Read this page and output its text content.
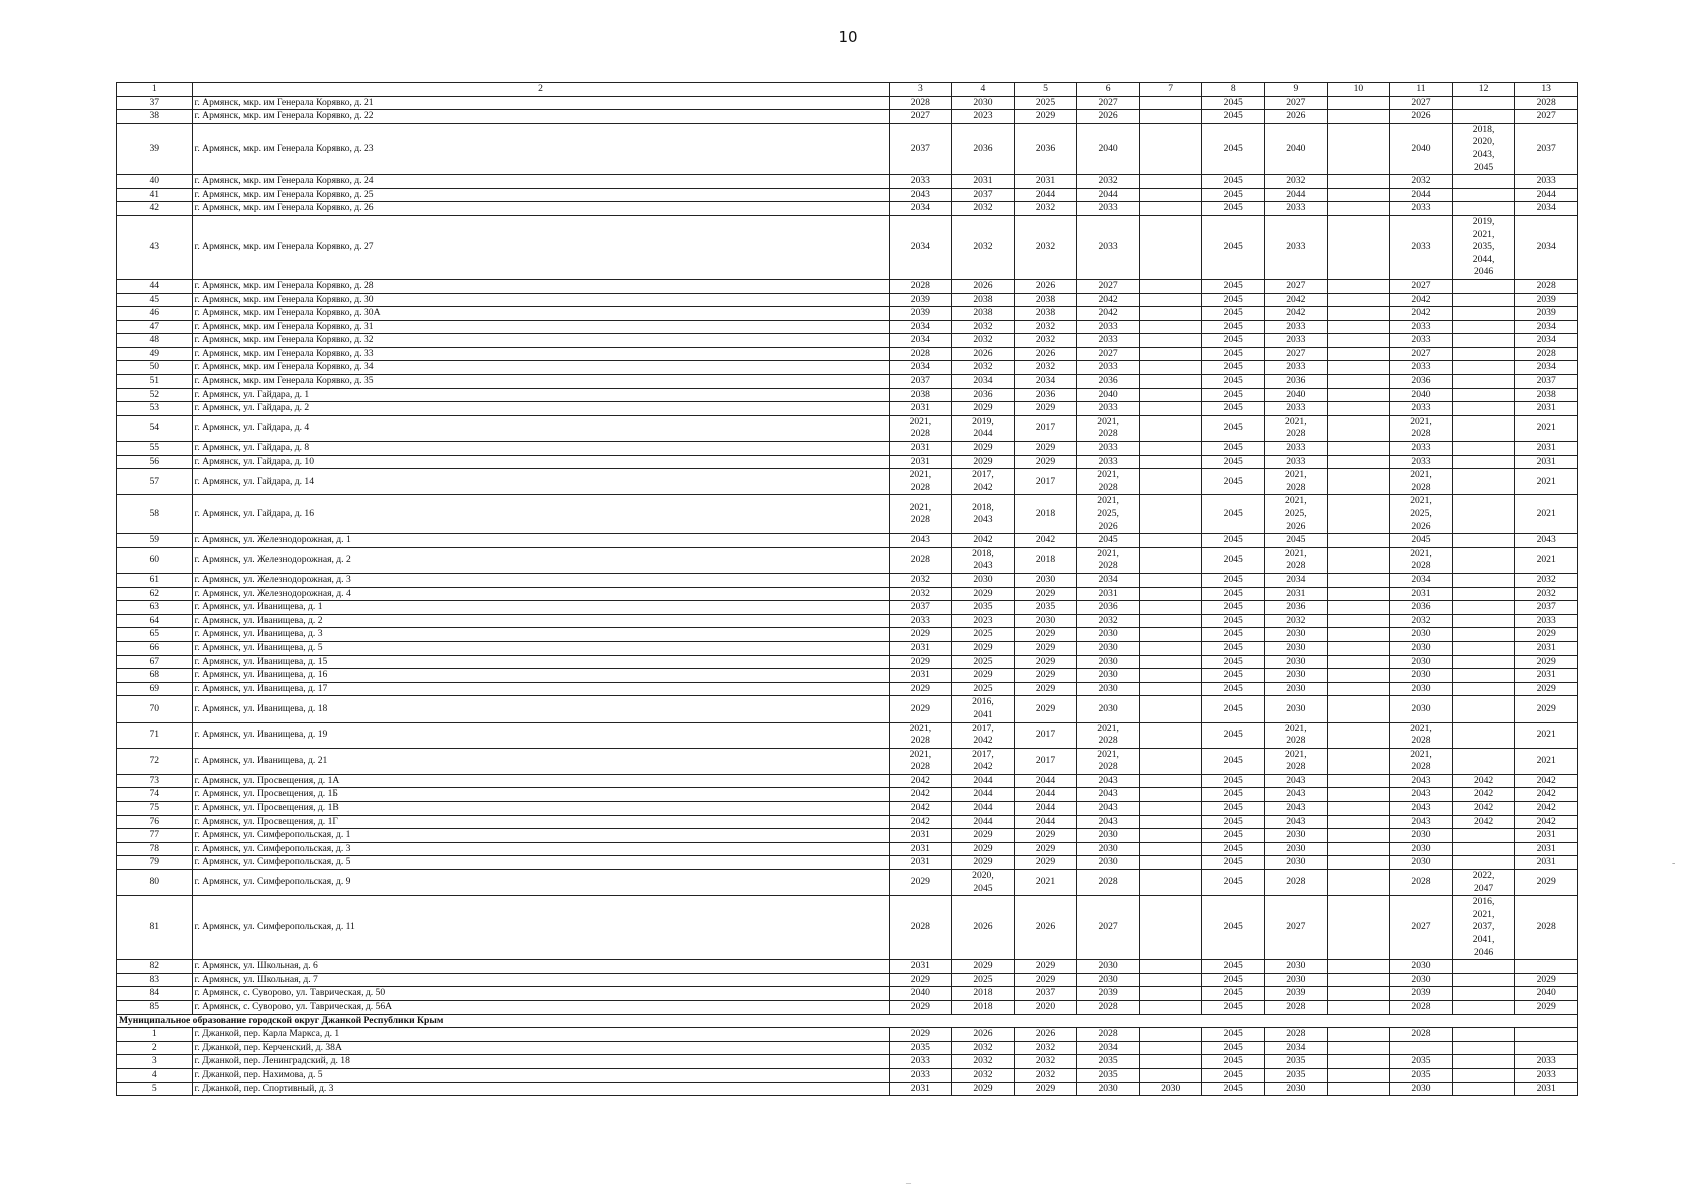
10
1	2	3	4	5	6	7	8	9	10	11	12	13
37	г. Армянск, мкр. им Генерала Корявко, д. 21	2028	2030	2025	2027		2045	2027		2027		2028

38	г. Армянск, мкр. им Генерала Корявко, д. 22	2027	2023	2029	2026		2045	2026		2026		2027

39	г. Армянск, мкр. им Генерала Корявко, д. 23	2037	2036	2036	2040		2045	2040		2040	2018,
2020,
2043,
2045	2037

40	г. Армянск, мкр. им Генерала Корявко, д. 24	2033	2031	2031	2032		2045	2032		2032		2033

41	г. Армянск, мкр. им Генерала Корявко, д. 25	2043	2037	2044	2044		2045	2044		2044		2044

42	г. Армянск, мкр. им Генерала Корявко, д. 26	2034	2032	2032	2033		2045	2033		2033		2034

43	г. Армянск, мкр. им Генерала Корявко, д. 27	2034	2032	2032	2033		2045	2033		2033	2019,
2021,
2035,
2044,
2046	2034

44	г. Армянск, мкр. им Генерала Корявко, д. 28	2028	2026	2026	2027		2045	2027		2027		2028

45	г. Армянск, мкр. им Генерала Корявко, д. 30	2039	2038	2038	2042		2045	2042		2042		2039

46	г. Армянск, мкр. им Генерала Корявко, д. 30А	2039	2038	2038	2042		2045	2042		2042		2039

47	г. Армянск, мкр. им Генерала Корявко, д. 31	2034	2032	2032	2033		2045	2033		2033		2034

48	г. Армянск, мкр. им Генерала Корявко, д. 32	2034	2032	2032	2033		2045	2033		2033		2034

49	г. Армянск, мкр. им Генерала Корявко, д. 33	2028	2026	2026	2027		2045	2027		2027		2028

50	г. Армянск, мкр. им Генерала Корявко, д. 34	2034	2032	2032	2033		2045	2033		2033		2034

51	г. Армянск, мкр. им Генерала Корявко, д. 35	2037	2034	2034	2036		2045	2036		2036		2037

52	г. Армянск, ул. Гайдара, д. 1	2038	2036	2036	2040		2045	2040		2040		2038

53	г. Армянск, ул. Гайдара, д. 2	2031	2029	2029	2033		2045	2033		2033		2031

54	г. Армянск, ул. Гайдара, д. 4	2021,
2028	2019,
2044	2017	2021,
2028		2045	2021,
2028		2021,
2028		2021

55	г. Армянск, ул. Гайдара, д. 8	2031	2029	2029	2033		2045	2033		2033		2031

56	г. Армянск, ул. Гайдара, д. 10	2031	2029	2029	2033		2045	2033		2033		2031

57	г. Армянск, ул. Гайдара, д. 14	2021,
2028	2017,
2042	2017	2021,
2028		2045	2021,
2028		2021,
2028		2021

58	г. Армянск, ул. Гайдара, д. 16	2021,
2028	2018,
2043	2018	2021,
2025,
2026		2045	2021,
2025,
2026		2021,
2025,
2026		2021

59	г. Армянск, ул. Железнодорожная, д. 1	2043	2042	2042	2045		2045	2045		2045		2043

60	г. Армянск, ул. Железнодорожная, д. 2	2028	2018,
2043	2018	2021,
2028		2045	2021,
2028		2021,
2028		2021

61	г. Армянск, ул. Железнодорожная, д. 3	2032	2030	2030	2034		2045	2034		2034		2032

62	г. Армянск, ул. Железнодорожная, д. 4	2032	2029	2029	2031		2045	2031		2031		2032

63	г. Армянск, ул. Иванищева, д. 1	2037	2035	2035	2036		2045	2036		2036		2037

64	г. Армянск, ул. Иванищева, д. 2	2033	2023	2030	2032		2045	2032		2032		2033

65	г. Армянск, ул. Иванищева, д. 3	2029	2025	2029	2030		2045	2030		2030		2029

66	г. Армянск, ул. Иванищева, д. 5	2031	2029	2029	2030		2045	2030		2030		2031

67	г. Армянск, ул. Иванищева, д. 15	2029	2025	2029	2030		2045	2030		2030		2029

68	г. Армянск, ул. Иванищева, д. 16	2031	2029	2029	2030		2045	2030		2030		2031

69	г. Армянск, ул. Иванищева, д. 17	2029	2025	2029	2030		2045	2030		2030		2029

70	г. Армянск, ул. Иванищева, д. 18	2029	2016,
2041	2029	2030		2045	2030		2030		2029

71	г. Армянск, ул. Иванищева, д. 19	2021,
2028	2017,
2042	2017	2021,
2028		2045	2021,
2028		2021,
2028		2021

72	г. Армянск, ул. Иванищева, д. 21	2021,
2028	2017,
2042	2017	2021,
2028		2045	2021,
2028		2021,
2028		2021

73	г. Армянск, ул. Просвещения, д. 1А	2042	2044	2044	2043		2045	2043		2043	2042	2042

74	г. Армянск, ул. Просвещения, д. 1Б	2042	2044	2044	2043		2045	2043		2043	2042	2042

75	г. Армянск, ул. Просвещения, д. 1В	2042	2044	2044	2043		2045	2043		2043	2042	2042

76	г. Армянск, ул. Просвещения, д. 1Г	2042	2044	2044	2043		2045	2043		2043	2042	2042

77	г. Армянск, ул. Симферопольская, д. 1	2031	2029	2029	2030		2045	2030		2030		2031

78	г. Армянск, ул. Симферопольская, д. 3	2031	2029	2029	2030		2045	2030		2030		2031

79	г. Армянск, ул. Симферопольская, д. 5	2031	2029	2029	2030		2045	2030		2030		2031

80	г. Армянск, ул. Симферопольская, д. 9	2029	2020,
2045	2021	2028		2045	2028		2028	2022,
2047	2029

81	г. Армянск, ул. Симферопольская, д. 11	2028	2026	2026	2027		2045	2027		2027	2016,
2021,
2037,
2041,
2046	2028

82	г. Армянск, ул. Школьная, д. 6	2031	2029	2029	2030		2045	2030		2030		

83	г. Армянск, ул. Школьная, д. 7	2029	2025	2029	2030		2045	2030		2030		2029

84	г. Армянск, с. Суворово, ул. Таврическая, д. 50	2040	2018	2037	2039		2045	2039		2039		2040

85	г. Армянск, с. Суворово, ул. Таврическая, д. 56А	2029	2018	2020	2028		2045	2028		2028		2029

Муниципальное образование городской округ Джанкой Республики Крым												
1	г. Джанкой, пер. Карла Маркса, д. 1	2029	2026	2026	2028		2045	2028		2028		

2	г. Джанкой, пер. Керченский, д. 38А	2035	2032	2032	2034		2045	2034				

3	г. Джанкой, пер. Ленинградский, д. 18	2033	2032	2032	2035		2045	2035		2035		2033

4	г. Джанкой, пер. Нахимова, д. 5	2033	2032	2032	2035		2045	2035		2035		2033

5	г. Джанкой, пер. Спортивный, д. 3	2031	2029	2029	2030	2030	2045	2030		2030		2031
-
–
